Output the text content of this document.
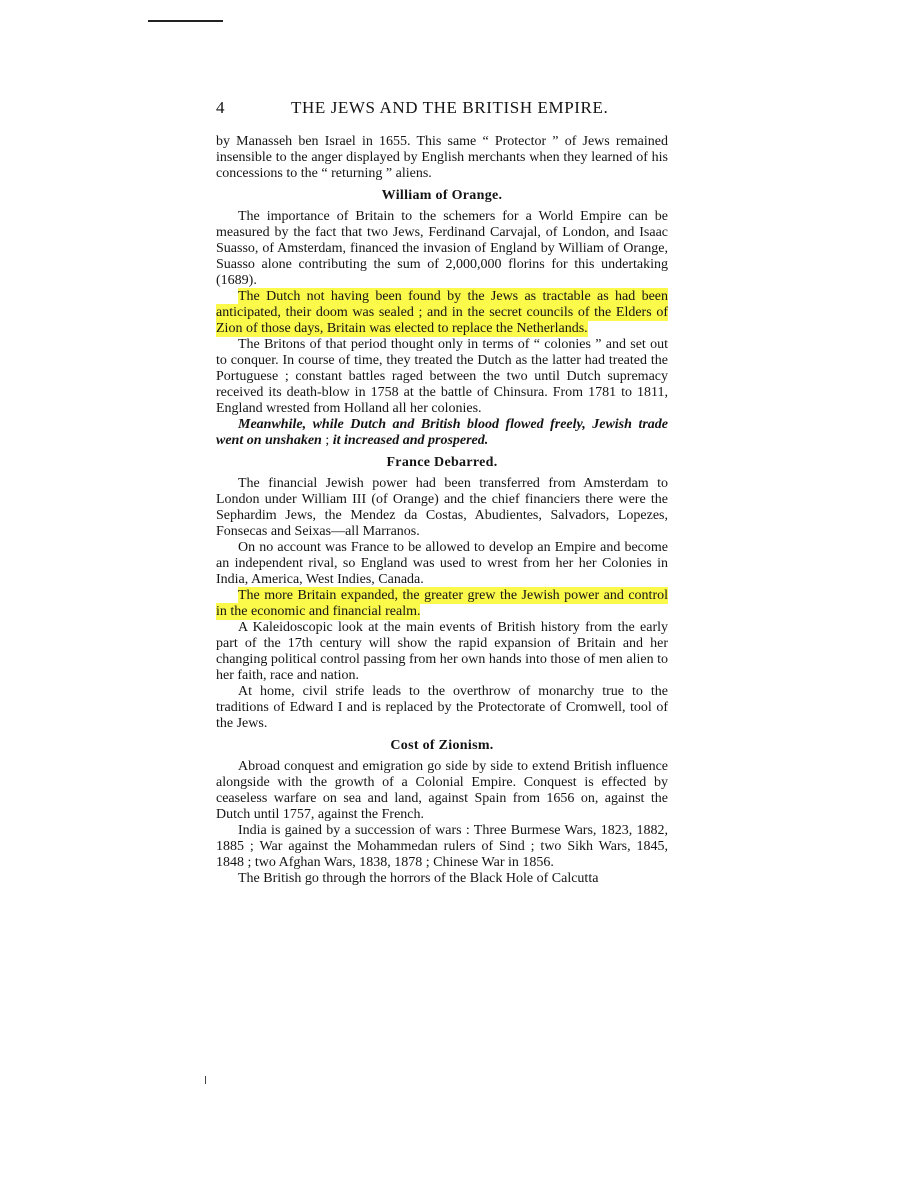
4	THE JEWS AND THE BRITISH EMPIRE.

by Manasseh ben Israel in 1655. This same “ Protector ” of Jews remained insensible to the anger displayed by English merchants when they learned of his concessions to the “ returning ” aliens.

William of Orange.

The importance of Britain to the schemers for a World Empire can be measured by the fact that two Jews, Ferdinand Carvajal, of London, and Isaac Suasso, of Amsterdam, financed the invasion of England by William of Orange, Suasso alone contributing the sum of 2,000,000 florins for this undertaking (1689).

The Dutch not having been found by the Jews as tractable as had been anticipated, their doom was sealed ; and in the secret councils of the Elders of Zion of those days, Britain was elected to replace the Netherlands.

The Britons of that period thought only in terms of “ colonies ” and set out to conquer. In course of time, they treated the Dutch as the latter had treated the Portuguese ; constant battles raged between the two until Dutch supremacy received its death-blow in 1758 at the battle of Chinsura. From 1781 to 1811, England wrested from Holland all her colonies.

Meanwhile, while Dutch and British blood flowed freely, Jewish trade went on unshaken ; it increased and prospered.

France Debarred.

The financial Jewish power had been transferred from Amsterdam to London under William III (of Orange) and the chief financiers there were the Sephardim Jews, the Mendez da Costas, Abudientes, Salvadors, Lopezes, Fonsecas and Seixas—all Marranos.

On no account was France to be allowed to develop an Empire and become an independent rival, so England was used to wrest from her her Colonies in India, America, West Indies, Canada.

The more Britain expanded, the greater grew the Jewish power and control in the economic and financial realm.

A Kaleidoscopic look at the main events of British history from the early part of the 17th century will show the rapid expansion of Britain and her changing political control passing from her own hands into those of men alien to her faith, race and nation.

At home, civil strife leads to the overthrow of monarchy true to the traditions of Edward I and is replaced by the Protectorate of Cromwell, tool of the Jews.

Cost of Zionism.

Abroad conquest and emigration go side by side to extend British influence alongside with the growth of a Colonial Empire. Conquest is effected by ceaseless warfare on sea and land, against Spain from 1656 on, against the Dutch until 1757, against the French.

India is gained by a succession of wars : Three Burmese Wars, 1823, 1882, 1885 ; War against the Mohammedan rulers of Sind ; two Sikh Wars, 1845, 1848 ; two Afghan Wars, 1838, 1878 ; Chinese War in 1856.

The British go through the horrors of the Black Hole of Calcutta
